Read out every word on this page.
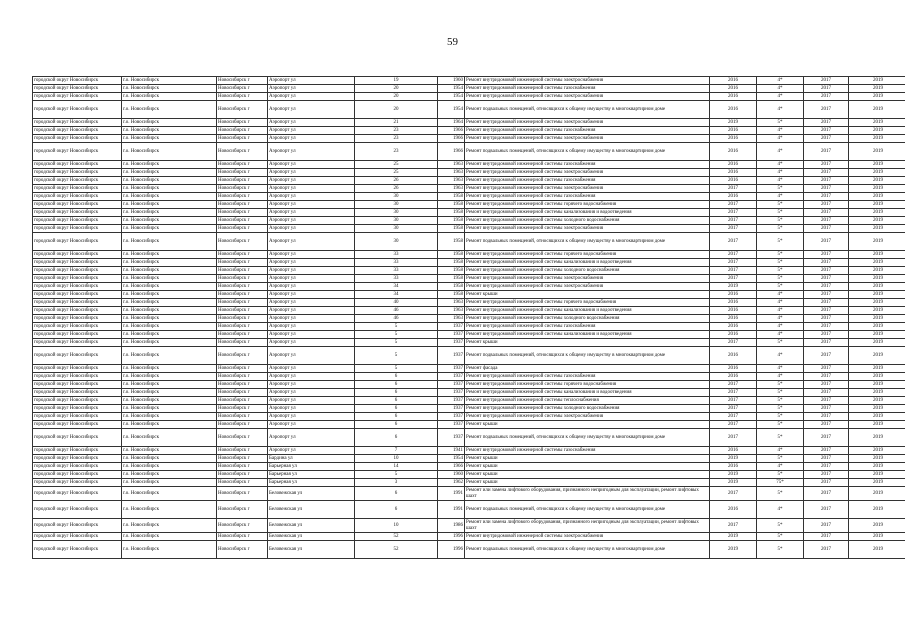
59
городской округ Новосибирск	г.о. Новосибирск	Новосибирск г	Аэропорт ул	19	1960	Ремонт внутридомовой инженерной системы электроснабжения	2016	4*	2017	2019
городской округ Новосибирск	г.о. Новосибирск	Новосибирск г	Аэропорт ул	20	1954	Ремонт внутридомовой инженерной системы газоснабжения	2016	4*	2017	2019
городской округ Новосибирск	г.о. Новосибирск	Новосибирск г	Аэропорт ул	20	1954	Ремонт внутридомовой инженерной системы электроснабжения	2016	4*	2017	2019
городской округ Новосибирск	г.о. Новосибирск	Новосибирск г	Аэропорт ул	20	1954	Ремонт подвальных помещений, относящихся к общему имуществу в многоквартирном доме	2016	4*	2017	2019
городской округ Новосибирск	г.о. Новосибирск	Новосибирск г	Аэропорт ул	21	1964	Ремонт внутридомовой инженерной системы электроснабжения	2019	5*	2017	2019
городской округ Новосибирск	г.о. Новосибирск	Новосибирск г	Аэропорт ул	23	1966	Ремонт внутридомовой инженерной системы газоснабжения	2016	4*	2017	2019
городской округ Новосибирск	г.о. Новосибирск	Новосибирск г	Аэропорт ул	23	1966	Ремонт внутридомовой инженерной системы электроснабжения	2016	4*	2017	2019
городской округ Новосибирск	г.о. Новосибирск	Новосибирск г	Аэропорт ул	23	1966	Ремонт подвальных помещений, относящихся к общему имуществу в многоквартирном доме	2016	4*	2017	2019
городской округ Новосибирск	г.о. Новосибирск	Новосибирск г	Аэропорт ул	25	1963	Ремонт внутридомовой инженерной системы газоснабжения	2016	4*	2017	2019
городской округ Новосибирск	г.о. Новосибирск	Новосибирск г	Аэропорт ул	25	1963	Ремонт внутридомовой инженерной системы электроснабжения	2016	4*	2017	2019
городской округ Новосибирск	г.о. Новосибирск	Новосибирск г	Аэропорт ул	26	1963	Ремонт внутридомовой инженерной системы газоснабжения	2016	4*	2017	2019
городской округ Новосибирск	г.о. Новосибирск	Новосибирск г	Аэропорт ул	26	1963	Ремонт внутридомовой инженерной системы электроснабжения	2017	5*	2017	2019
городской округ Новосибирск	г.о. Новосибирск	Новосибирск г	Аэропорт ул	30	1958	Ремонт внутридомовой инженерной системы газоснабжения	2016	4*	2017	2019
городской округ Новосибирск	г.о. Новосибирск	Новосибирск г	Аэропорт ул	30	1958	Ремонт внутридомовой инженерной системы горячего водоснабжения	2017	5*	2017	2019
городской округ Новосибирск	г.о. Новосибирск	Новосибирск г	Аэропорт ул	30	1958	Ремонт внутридомовой инженерной системы канализования и водоотведения	2017	5*	2017	2019
городской округ Новосибирск	г.о. Новосибирск	Новосибирск г	Аэропорт ул	30	1958	Ремонт внутридомовой инженерной системы холодного водоснабжения	2017	5*	2017	2019
городской округ Новосибирск	г.о. Новосибирск	Новосибирск г	Аэропорт ул	30	1958	Ремонт внутридомовой инженерной системы электроснабжения	2017	5*	2017	2019
городской округ Новосибирск	г.о. Новосибирск	Новосибирск г	Аэропорт ул	30	1958	Ремонт подвальных помещений, относящихся к общему имуществу в многоквартирном доме	2017	5*	2017	2019
городской округ Новосибирск	г.о. Новосибирск	Новосибирск г	Аэропорт ул	33	1958	Ремонт внутридомовой инженерной системы горячего водоснабжения	2017	5*	2017	2019
городской округ Новосибирск	г.о. Новосибирск	Новосибирск г	Аэропорт ул	33	1958	Ремонт внутридомовой инженерной системы канализования и водоотведения	2017	5*	2017	2019
городской округ Новосибирск	г.о. Новосибирск	Новосибирск г	Аэропорт ул	33	1958	Ремонт внутридомовой инженерной системы холодного водоснабжения	2017	5*	2017	2019
городской округ Новосибирск	г.о. Новосибирск	Новосибирск г	Аэропорт ул	33	1958	Ремонт внутридомовой инженерной системы электроснабжения	2017	5*	2017	2019
городской округ Новосибирск	г.о. Новосибирск	Новосибирск г	Аэропорт ул	34	1958	Ремонт внутридомовой инженерной системы электроснабжения	2019	5*	2017	2019
городской округ Новосибирск	г.о. Новосибирск	Новосибирск г	Аэропорт ул	34	1958	Ремонт крыши	2016	4*	2017	2019
городской округ Новосибирск	г.о. Новосибирск	Новосибирск г	Аэропорт ул	40	1963	Ремонт внутридомовой инженерной системы горячего водоснабжения	2016	4*	2017	2019
городской округ Новосибирск	г.о. Новосибирск	Новосибирск г	Аэропорт ул	46	1963	Ремонт внутридомовой инженерной системы канализования и водоотведения	2016	4*	2017	2019
городской округ Новосибирск	г.о. Новосибирск	Новосибирск г	Аэропорт ул	46	1963	Ремонт внутридомовой инженерной системы холодного водоснабжения	2016	4*	2017	2019
городской округ Новосибирск	г.о. Новосибирск	Новосибирск г	Аэропорт ул	5	1937	Ремонт внутридомовой инженерной системы газоснабжения	2016	4*	2017	2019
городской округ Новосибирск	г.о. Новосибирск	Новосибирск г	Аэропорт ул	5	1937	Ремонт внутридомовой инженерной системы канализования и водоотведения	2016	4*	2017	2019
городской округ Новосибирск	г.о. Новосибирск	Новосибирск г	Аэропорт ул	5	1937	Ремонт крыши	2017	5*	2017	2019
городской округ Новосибирск	г.о. Новосибирск	Новосибирск г	Аэропорт ул	5	1937	Ремонт подвальных помещений, относящихся к общему имуществу в многоквартирном доме	2016	4*	2017	2019
городской округ Новосибирск	г.о. Новосибирск	Новосибирск г	Аэропорт ул	5	1937	Ремонт фасада	2016	4*	2017	2019
городской округ Новосибирск	г.о. Новосибирск	Новосибирск г	Аэропорт ул	6	1937	Ремонт внутридомовой инженерной системы газоснабжения	2016	4*	2017	2019
городской округ Новосибирск	г.о. Новосибирск	Новосибирск г	Аэропорт ул	6	1937	Ремонт внутридомовой инженерной системы горячего водоснабжения	2017	5*	2017	2019
городской округ Новосибирск	г.о. Новосибирск	Новосибирск г	Аэропорт ул	6	1937	Ремонт внутридомовой инженерной системы канализования и водоотведения	2017	5*	2017	2019
городской округ Новосибирск	г.о. Новосибирск	Новосибирск г	Аэропорт ул	6	1937	Ремонт внутридомовой инженерной системы теплоснабжения	2017	5*	2017	2019
городской округ Новосибирск	г.о. Новосибирск	Новосибирск г	Аэропорт ул	6	1937	Ремонт внутридомовой инженерной системы холодного водоснабжения	2017	5*	2017	2019
городской округ Новосибирск	г.о. Новосибирск	Новосибирск г	Аэропорт ул	6	1937	Ремонт внутридомовой инженерной системы электроснабжения	2017	5*	2017	2019
городской округ Новосибирск	г.о. Новосибирск	Новосибирск г	Аэропорт ул	6	1937	Ремонт крыши	2017	5*	2017	2019
городской округ Новосибирск	г.о. Новосибирск	Новосибирск г	Аэропорт ул	6	1937	Ремонт подвальных помещений, относящихся к общему имуществу в многоквартирном доме	2017	5*	2017	2019
городской округ Новосибирск	г.о. Новосибирск	Новосибирск г	Аэропорт ул	7	1941	Ремонт внутридомовой инженерной системы газоснабжения	2016	4*	2017	2019
городской округ Новосибирск	г.о. Новосибирск	Новосибирск г	Бардина ул	10	1954	Ремонт крыши	2019	5*	2017	2019
городской округ Новосибирск	г.о. Новосибирск	Новосибирск г	Барьерная ул	14	1966	Ремонт крыши	2016	4*	2017	2019
городской округ Новосибирск	г.о. Новосибирск	Новосибирск г	Барьерная ул	5	1960	Ремонт крыши	2019	5*	2017	2019
городской округ Новосибирск	г.о. Новосибирск	Новосибирск г	Барьерная ул	3	1962	Ремонт крыши	2019	75*	2017	2019
городской округ Новосибирск	г.о. Новосибирск	Новосибирск г	Беловежская ул	6	1991	Ремонт или замена лифтового оборудования, признанного непригодным для эксплуатации, ремонт лифтовых шахт	2017	5*	2017	2019
городской округ Новосибирск	г.о. Новосибирск	Новосибирск г	Беловежская ул	6	1991	Ремонт подвальных помещений, относящихся к общему имуществу в многоквартирном доме	2016	4*	2017	2019
городской округ Новосибирск	г.о. Новосибирск	Новосибирск г	Беловежская ул	10	1986	Ремонт или замена лифтового оборудования, признанного непригодным для эксплуатации, ремонт лифтовых шахт	2017	5*	2017	2019
городской округ Новосибирск	г.о. Новосибирск	Новосибирск г	Беловежская ул	52	1996	Ремонт внутридомовой инженерной системы электроснабжения	2019	5*	2017	2019
городской округ Новосибирск	г.о. Новосибирск	Новосибирск г	Беловежская ул	52	1996	Ремонт подвальных помещений, относящихся к общему имуществу в многоквартирном доме	2019	5*	2017	2019
